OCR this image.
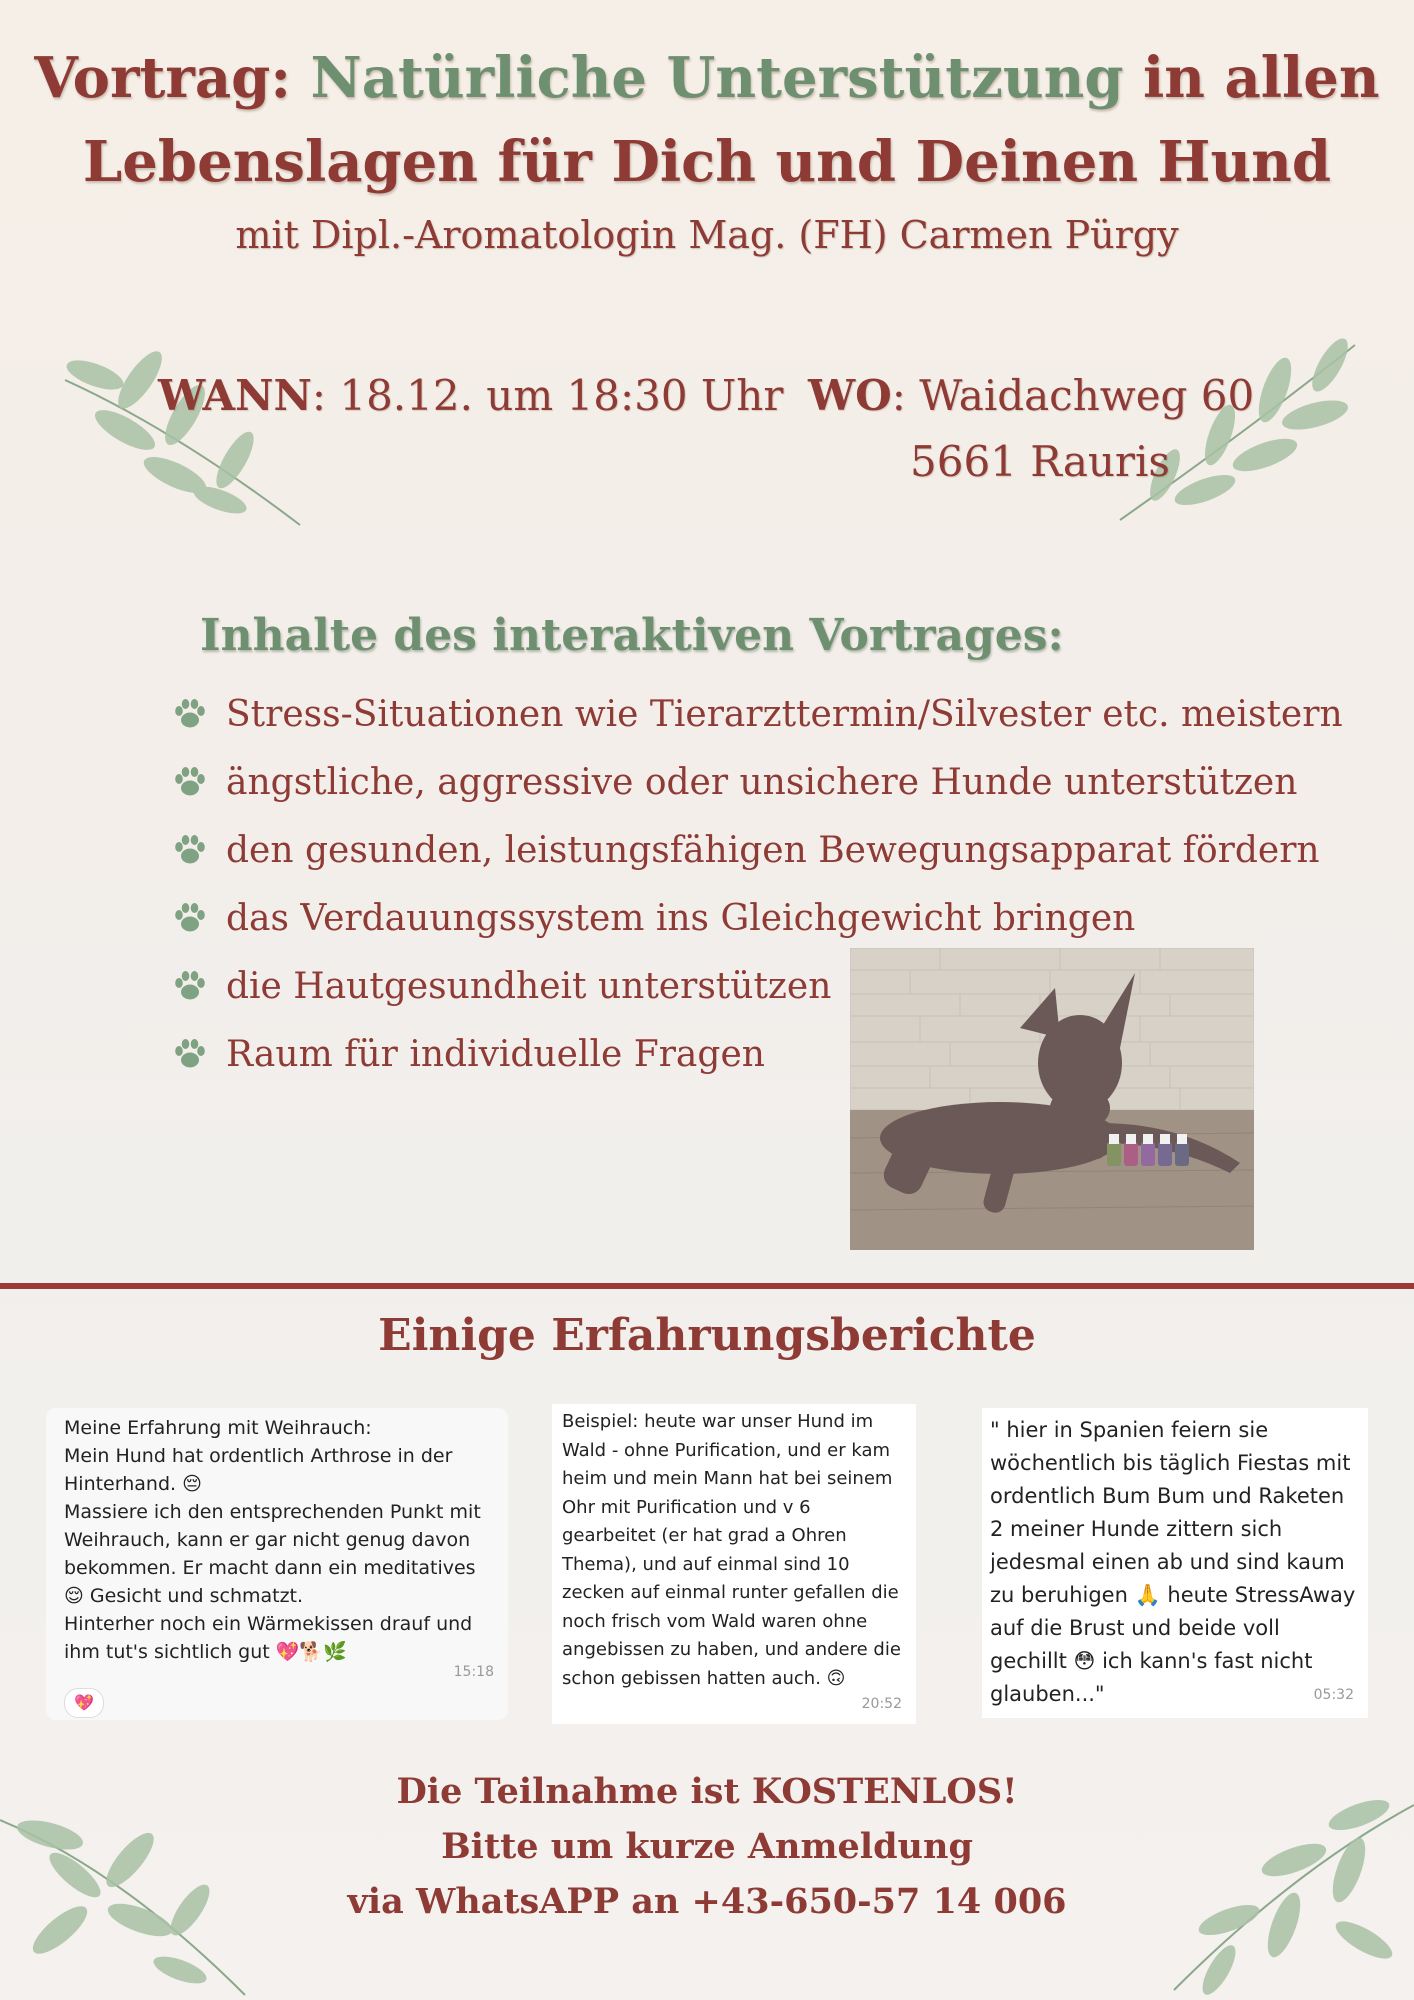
Vortrag: Natürliche Unterstützung in allen
Lebenslagen für Dich und Deinen Hund
mit Dipl.-Aromatologin Mag. (FH) Carmen Pürgy
WANN: 18.12. um 18:30 Uhr WO: Waidachweg 60
5661 Rauris
Inhalte des interaktiven Vortrages:
Stress-Situationen wie Tierarzttermin/Silvester etc. meistern
ängstliche, aggressive oder unsichere Hunde unterstützen
den gesunden, leistungsfähigen Bewegungsapparat fördern
das Verdauungssystem ins Gleichgewicht bringen
die Hautgesundheit unterstützen
Raum für individuelle Fragen
Einige Erfahrungsberichte
Meine Erfahrung mit Weihrauch:
Mein Hund hat ordentlich Arthrose in der Hinterhand. 😔
Massiere ich den entsprechenden Punkt mit Weihrauch, kann er gar nicht genug davon bekommen. Er macht dann ein meditatives 😌 Gesicht und schmatzt.
Hinterher noch ein Wärmekissen drauf und ihm tut's sichtlich gut 💖🐕🌿
15:18
💖
Beispiel: heute war unser Hund im Wald - ohne Purification, und er kam heim und mein Mann hat bei seinem Ohr mit Purification und v 6 gearbeitet (er hat grad a Ohren Thema), und auf einmal sind 10 zecken auf einmal runter gefallen die noch frisch vom Wald waren ohne angebissen zu haben, und andere die schon gebissen hatten auch. 🙃
20:52
" hier in Spanien feiern sie wöchentlich bis täglich Fiestas mit ordentlich Bum Bum und Raketen 2 meiner Hunde zittern sich jedesmal einen ab und sind kaum zu beruhigen 🙏 heute StressAway auf die Brust und beide voll gechillt 😳 ich kann's fast nicht glauben..."	05:32
Die Teilnahme ist KOSTENLOS!
Bitte um kurze Anmeldung
via WhatsAPP an +43-650-57 14 006
